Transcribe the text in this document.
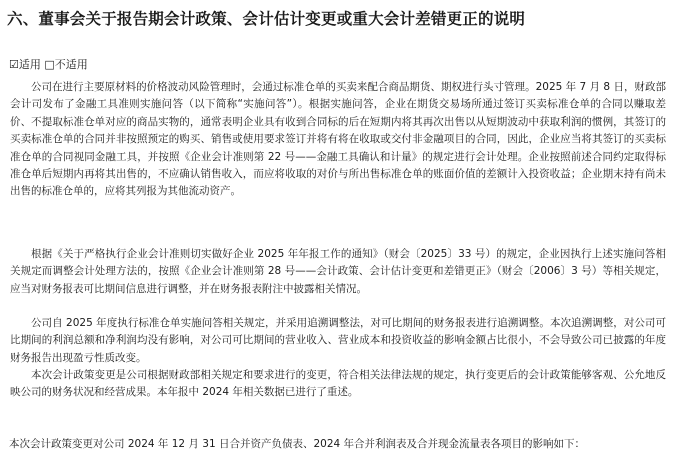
六、董事会关于报告期会计政策、会计估计变更或重大会计差错更正的说明
☑适用 □不适用

公司在进行主要原材料的价格波动风险管理时，会通过标准仓单的买卖来配合商品期货、期权进行头寸管理。2025 年 7 月 8 日，财政部会计司发布了金融工具准则实施问答（以下简称“实施问答”）。根据实施问答，企业在期货交易场所通过签订买卖标准仓单的合同以赚取差价、不提取标准仓单对应的商品实物的，通常表明企业具有收到合同标的后在短期内将其再次出售以从短期波动中获取利润的惯例，其签订的买卖标准仓单的合同并非按照预定的购买、销售或使用要求签订并将有将在收取或交付非金融项目的合同，因此，企业应当将其签订的买卖标准仓单的合同视同金融工具，并按照《企业会计准则第 22 号——金融工具确认和计量》的规定进行会计处理。企业按照前述合同约定取得标准仓单后短期内再将其出售的，不应确认销售收入，而应将收取的对价与所出售标准仓单的账面价值的差额计入投资收益；企业期末持有尚未出售的标准仓单的，应将其列报为其他流动资产。

根据《关于严格执行企业会计准则切实做好企业 2025 年年报工作的通知》（财会〔2025〕33 号）的规定，企业因执行上述实施问答相关规定而调整会计处理方法的，按照《企业会计准则第 28 号——会计政策、会计估计变更和差错更正》（财会〔2006〕3 号）等相关规定，应当对财务报表可比期间信息进行调整，并在财务报表附注中披露相关情况。

公司自 2025 年度执行标准仓单实施问答相关规定，并采用追溯调整法，对可比期间的财务报表进行追溯调整。本次追溯调整，对公司可比期间的利润总额和净利润均没有影响，对公司可比期间的营业收入、营业成本和投资收益的影响金额占比很小，不会导致公司已披露的年度财务报告出现盈亏性质改变。

本次会计政策变更是公司根据财政部相关规定和要求进行的变更，符合相关法律法规的规定，执行变更后的会计政策能够客观、公允地反映公司的财务状况和经营成果。本年报中 2024 年相关数据已进行了重述。

本次会计政策变更对公司 2024 年 12 月 31 日合并资产负债表、2024 年合并利润表及合并现金流量表各项目的影响如下：
